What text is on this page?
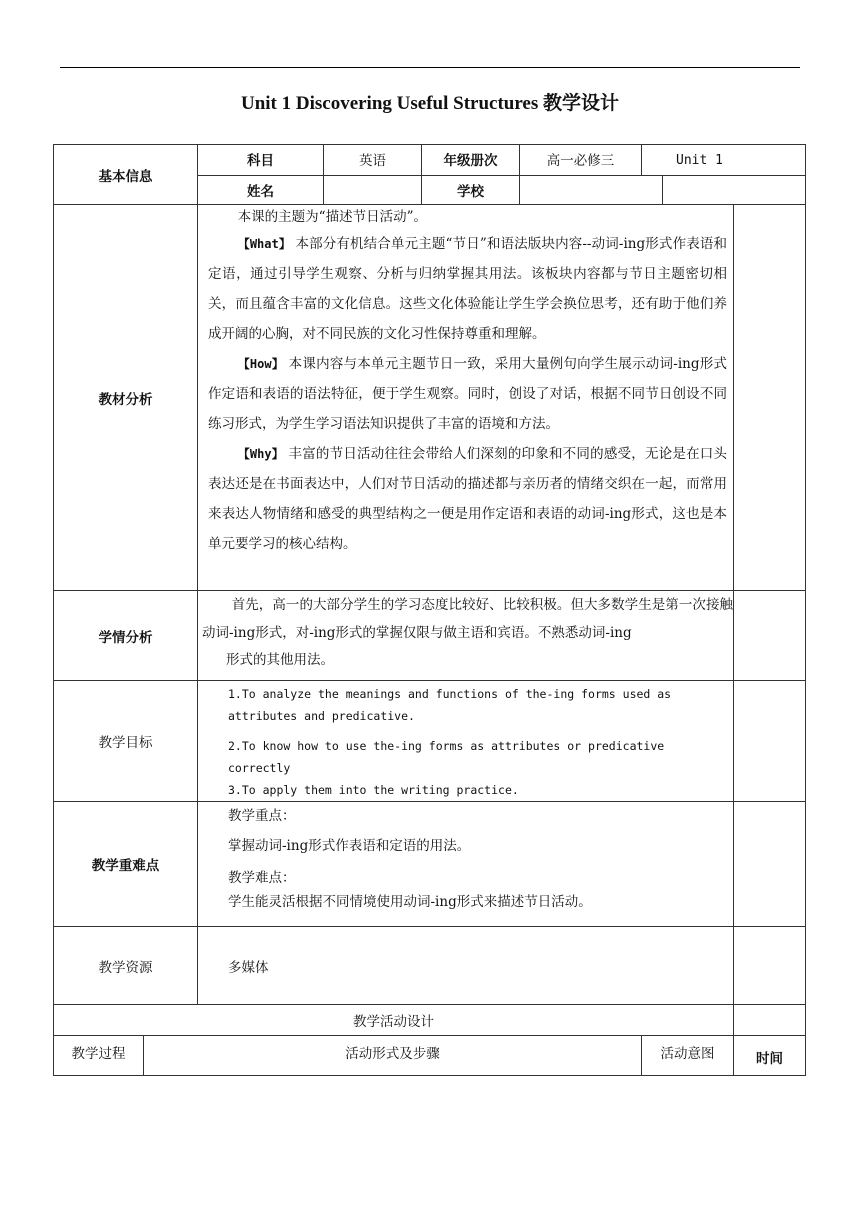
Unit 1 Discovering Useful Structures 教学设计
基本信息		科目	英语	年级册次	高一必修三	Unit 1		
		姓名		学校				
教材分析		本课的主题为“描述节日活动”。

【What】 本部分有机结合单元主题“节日”和语法版块内容--动词-ing形式作表语和定语，通过引导学生观察、分析与归纳掌握其用法。该板块内容都与节日主题密切相关，而且蕴含丰富的文化信息。这些文化体验能让学生学会换位思考，还有助于他们养成开阔的心胸，对不同民族的文化习性保持尊重和理解。

【How】 本课内容与本单元主题节日一致，采用大量例句向学生展示动词-ing形式作定语和表语的语法特征，便于学生观察。同时，创设了对话，根据不同节日创设不同练习形式，为学生学习语法知识提供了丰富的语境和方法。

【Why】 丰富的节日活动往往会带给人们深刻的印象和不同的感受，无论是在口头表达还是在书面表达中，人们对节日活动的描述都与亲历者的情绪交织在一起，而常用来表达人物情绪和感受的典型结构之一便是用作定语和表语的动词-ing形式，这也是本单元要学习的核心结构。						

学情分析		首先，高一的大部分学生的学习态度比较好、比较积极。但大多数学生是第一次接触动词-ing形式，对-ing形式的掌握仅限与做主语和宾语。不熟悉动词-ing

形式的其他用法。						

教学目标		1.To analyze the meanings and functions of the-ing forms used as attributes and predicative.

2.To know how to use the-ing forms as attributes or predicative correctly

3.To apply them into the writing practice.						

教学重难点		教学重点：

掌握动词-ing形式作表语和定语的用法。

教学难点：

学生能灵活根据不同情境使用动词-ing形式来描述节日活动。						

教学资源		多媒体						
教学活动设计								
教学过程	活动形式及步骤					活动意图		时间
